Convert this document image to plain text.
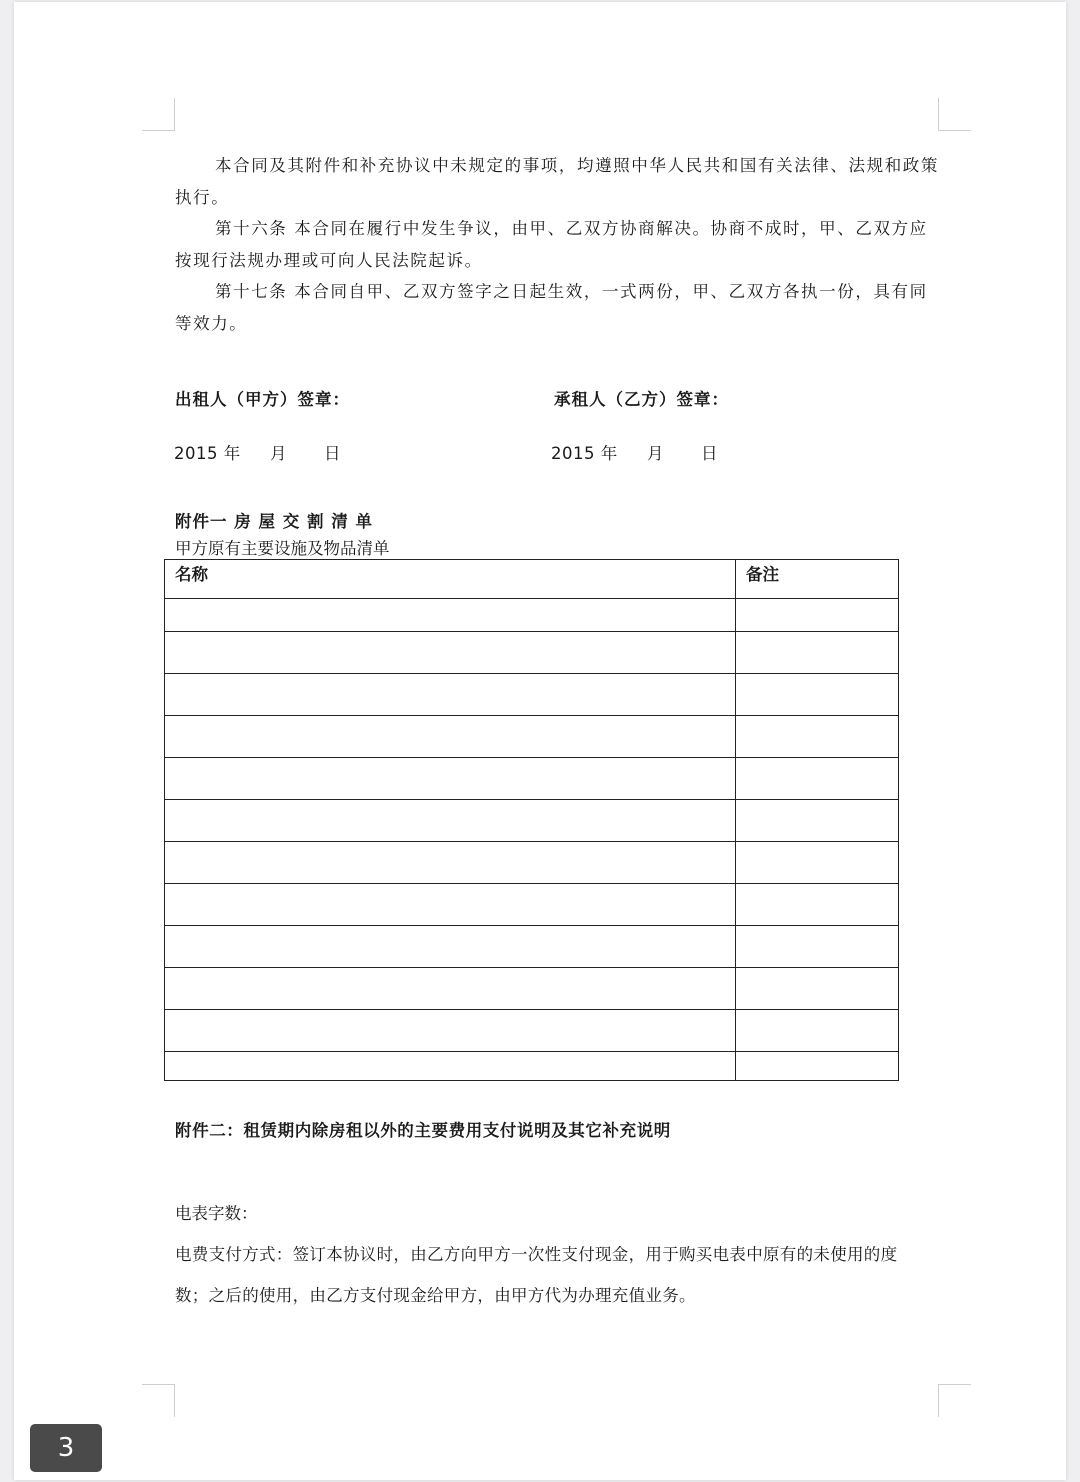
本合同及其附件和补充协议中未规定的事项，均遵照中华人民共和国有关法律、法规和政策执行。

第十六条 本合同在履行中发生争议，由甲、乙双方协商解决。协商不成时，甲、乙双方应按现行法规办理或可向人民法院起诉。

第十七条 本合同自甲、乙双方签字之日起生效，一式两份，甲、乙双方各执一份，具有同等效力。

出租人（甲方）签章：	承租人（乙方）签章：
2015 年 月 日	2015 年 月 日
附件一 房 屋 交 割 清 单
甲方原有主要设施及物品清单
名称	备注

附件二：租赁期内除房租以外的主要费用支付说明及其它补充说明
电表字数：
电费支付方式：签订本协议时，由乙方向甲方一次性支付现金，用于购买电表中原有的未使用的度
数；之后的使用，由乙方支付现金给甲方，由甲方代为办理充值业务。
3
